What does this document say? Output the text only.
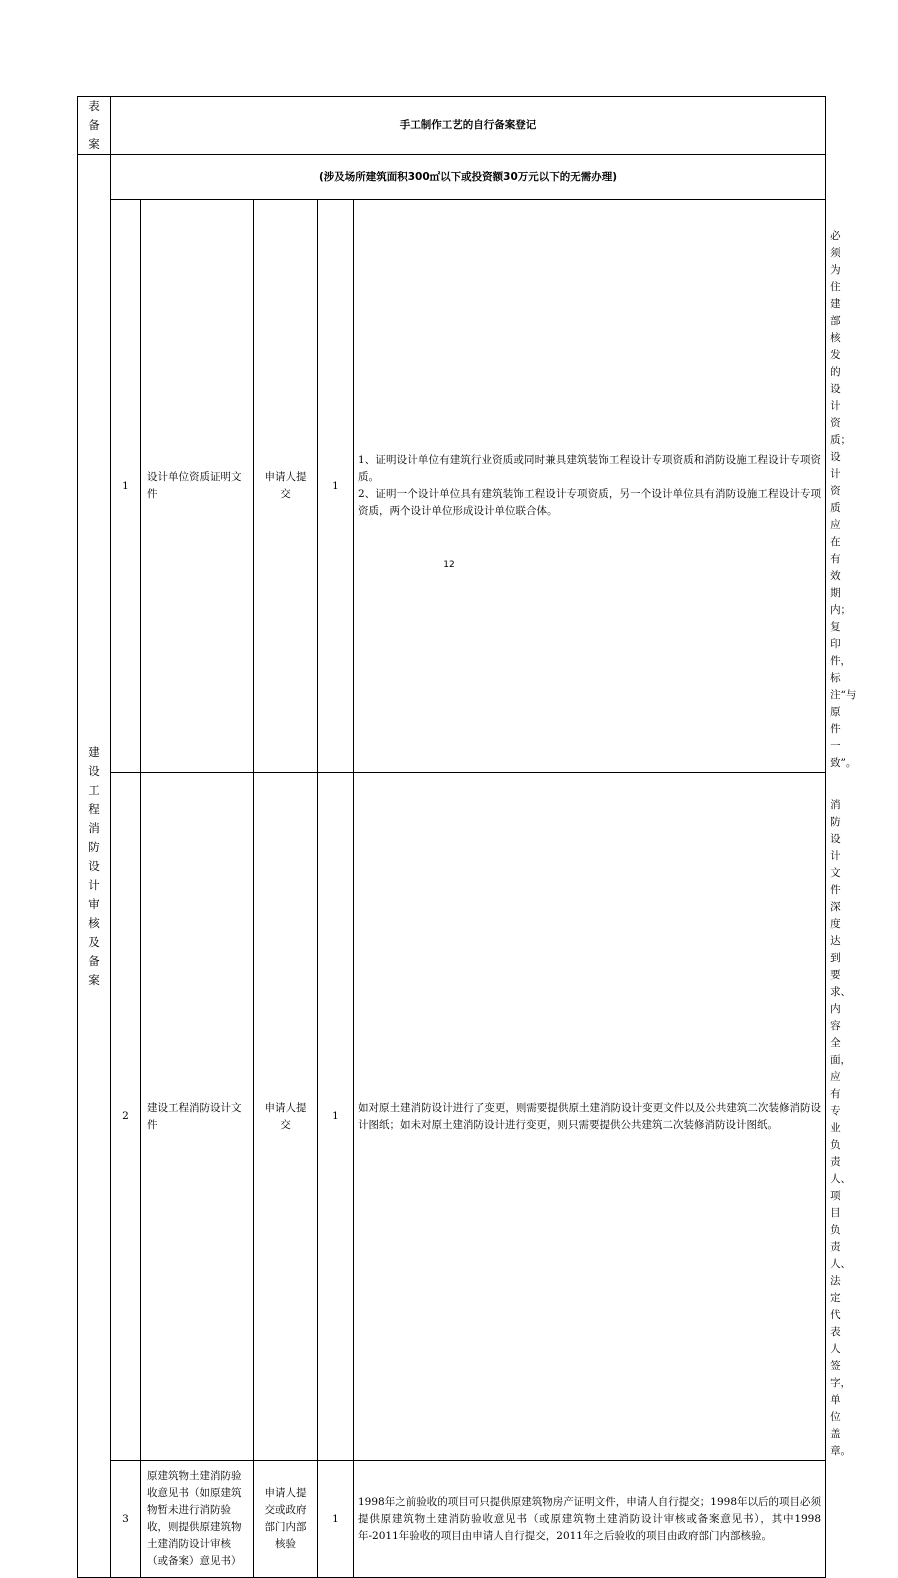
表备案	手工制作工艺的自行备案登记					

建设工程消防设计审核及备案	(涉及场所建筑面积300㎡以下或投资额30万元以下的无需办理)					
	1	设计单位资质证明文件	申请人提交	1	1、证明设计单位有建筑行业资质或同时兼具建筑装饰工程设计专项资质和消防设施工程设计专项资质。
2、证明一个设计单位具有建筑装饰工程设计专项资质，另一个设计单位具有消防设施工程设计专项资质，两个设计单位形成设计单位联合体。	必须为住建部核发的设计资质；设计资质应在有效期内；复印件，标注“与原件一致”。
	2	建设工程消防设计文件	申请人提交	1	如对原土建消防设计进行了变更，则需要提供原土建消防设计变更文件以及公共建筑二次装修消防设计图纸；如未对原土建消防设计进行变更，则只需要提供公共建筑二次装修消防设计图纸。	消防设计文件深度达到要求、内容全面，应有专业负责人、项目负责人、法定代表人签字，单位盖章。
	3	原建筑物土建消防验收意见书（如原建筑物暂未进行消防验收，则提供原建筑物土建消防设计审核（或备案）意见书）	申请人提交或政府部门内部核验	1	1998年之前验收的项目可只提供原建筑物房产证明文件，申请人自行提交；1998年以后的项目必须提供原建筑物土建消防验收意见书（或原建筑物土建消防设计审核或备案意见书），其中1998年-2011年验收的项目由申请人自行提交，2011年之后验收的项目由政府部门内部核验。	
12
